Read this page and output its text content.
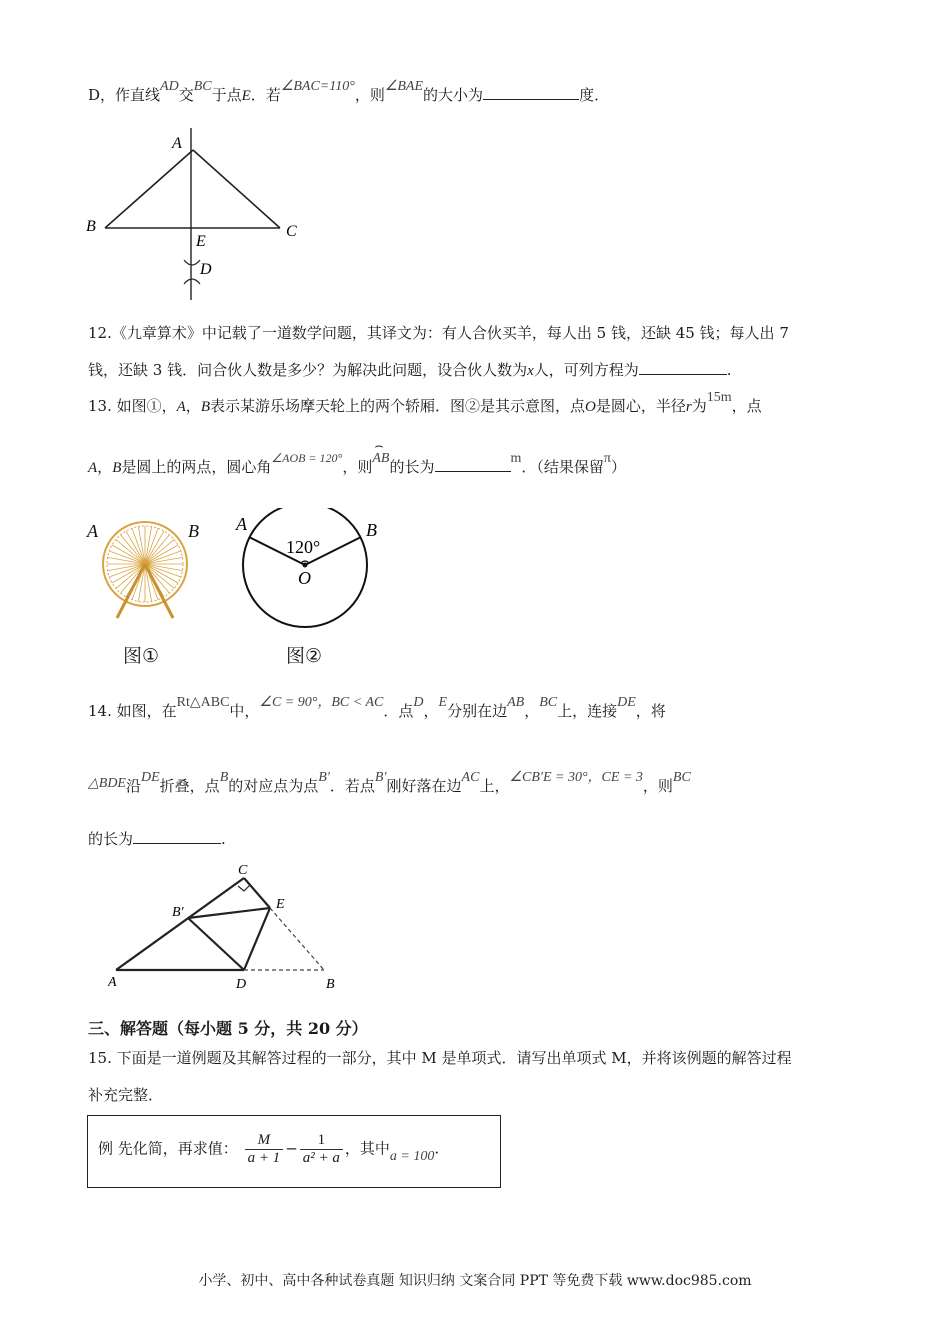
D，作直线AD交BC于点E．若∠BAC=110°，则∠BAE的大小为	度．
A
B	C
E
D
12.《九章算术》中记载了一道数学问题，其译文为：有人合伙买羊，每人出 5 钱，还缺 45 钱；每人出 7
钱，还缺 3 钱．问合伙人数是多少？为解决此问题，设合伙人数为x人，可列方程为	.
13. 如图①，A，B表示某游乐场摩天轮上的两个轿厢．图②是其示意图，点O是圆心，半径r为15m，点
A，B是圆上的两点，圆心角$^{\angle AOB = 120^\circ}$，则
⌢
AB的长为	m．（结果保留π）
A	B A	B
120°
O
图①	图②
14. 如图，在Rt△ABC中，∠C = 90°，BC < AC．点D，E分别在边AB，BC上，连接DE，将
△BDE沿DE折叠，点B的对应点为点B′．若点B′刚好落在边AC上，∠CB′E = 30°，CE = 3，则BC
的长为	.
C
B′
E
A	D	B
三、解答题（每小题 5 分，共 20 分）
15. 下面是一道例题及其解答过程的一部分，其中 M 是单项式．请写出单项式 M，并将该例题的解答过程
补充完整．
例 先化简，再求值： $\frac{M}{a + 1} - \frac{1}{\text{a² + a}}$ ，其中a = 100.
小学、初中、高中各种试卷真题 知识归纳 文案合同 PPT 等免费下载 www.doc985.com
